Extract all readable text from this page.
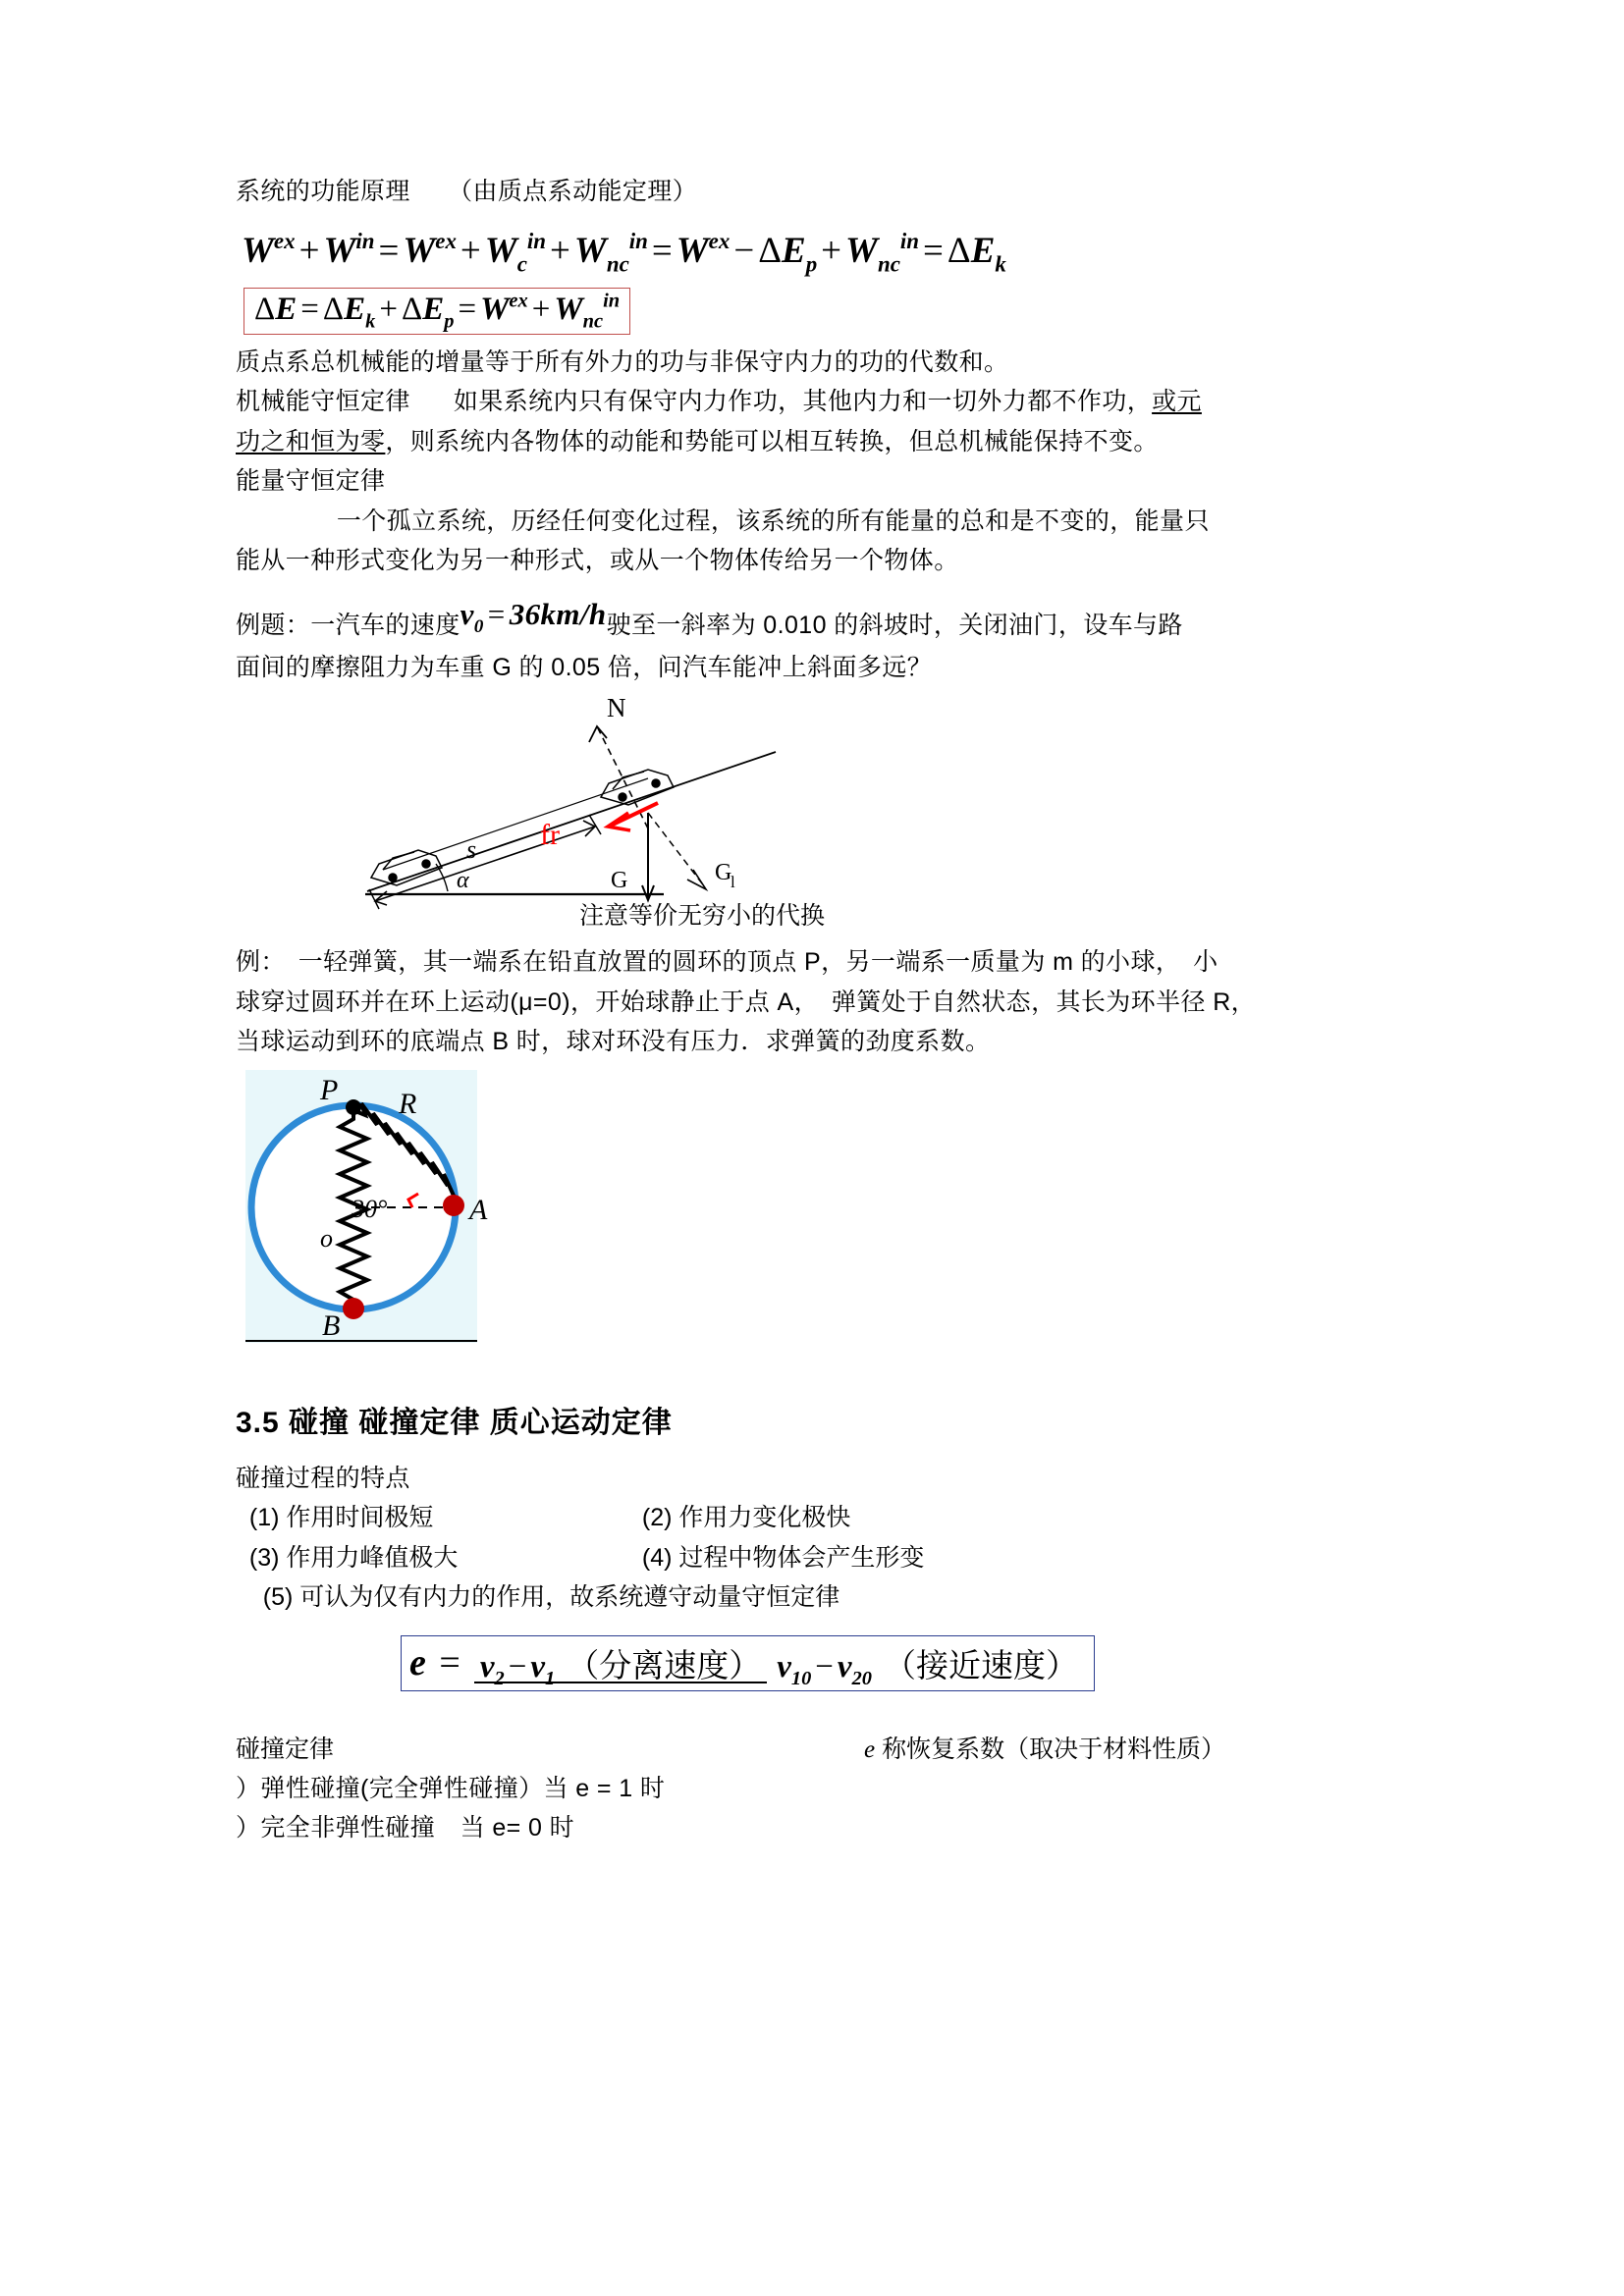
系统的功能原理　　（由质点系动能定理）
$W^{ex} + W^{in} = W^{ex} + W_c^{in} + W_{nc}^{in} = W^{ex} - \Delta E_p + W_{nc}^{in} = \Delta E_k$
$\Delta E = \Delta E_k + \Delta E_p = W^{ex} + W_{nc}^{in}$
质点系总机械能的增量等于所有外力的功与非保守内力的功的代数和。
机械能守恒定律 如果系统内只有保守内力作功，其他内力和一切外力都不作功，或元
功之和恒为零，则系统内各物体的动能和势能可以相互转换，但总机械能保持不变。
能量守恒定律
一个孤立系统，历经任何变化过程，该系统的所有能量的总和是不变的，能量只
能从一种形式变化为另一种形式，或从一个物体传给另一个物体。
例题：一汽车的速度$v_0 = 36km/h$驶至一斜率为 0.010 的斜坡时，关闭油门，设车与路
面间的摩擦阻力为车重 G 的 0.05 倍，问汽车能冲上斜面多远？
α
s
N
G	G
l
fr
注意等价无穷小的代换
例：　一轻弹簧，其一端系在铅直放置的圆环的顶点 P，另一端系一质量为 m 的小球，　小
球穿过圆环并在环上运动(μ=0)，开始球静止于点 A，　弹簧处于自然状态，其长为环半径 R，
当球运动到环的底端点 B 时，球对环没有压力．求弹簧的劲度系数。
30°
P R
A
B
o
3.5 碰撞 碰撞定律 质心运动定律
碰撞过程的特点
(1) 作用时间极短	(2) 作用力变化极快
(3) 作用力峰值极大	(4) 过程中物体会产生形变
(5) 可认为仅有内力的作用，故系统遵守动量守恒定律
$e = v_2 - v_1$ （分离速度） $v_{10} - v_{20}$ （接近速度）
碰撞定律	e 称恢复系数（取决于材料性质）
）弹性碰撞(完全弹性碰撞）当 e = 1 时
）完全非弹性碰撞　当 e= 0 时
